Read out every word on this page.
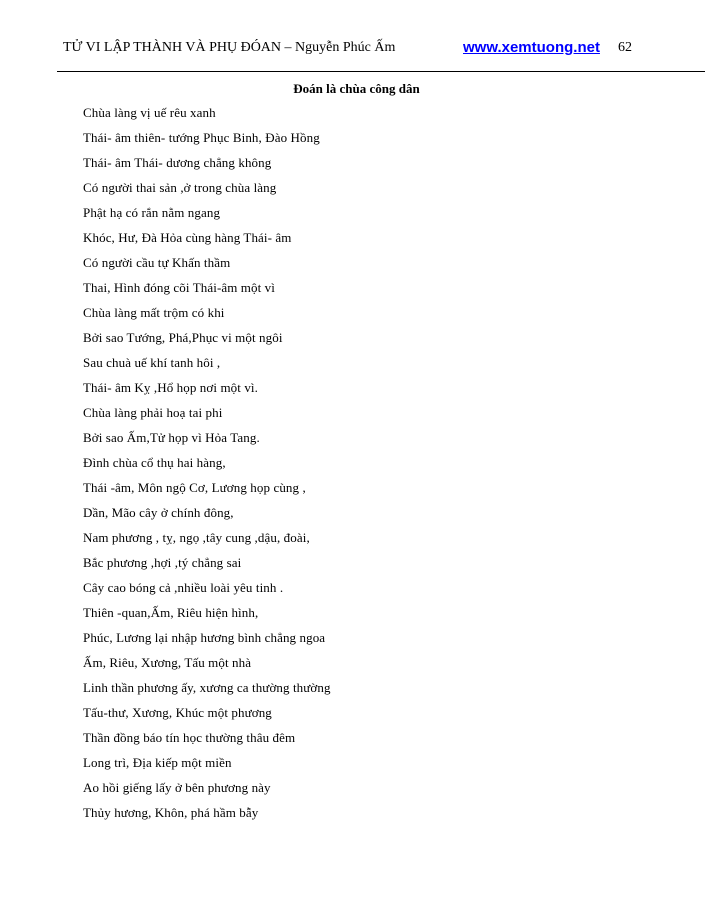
TỬ VI LẬP THÀNH VÀ PHỤ ĐÓAN – Nguyễn Phúc Ấm	www.xemtuong.net 62
Đoán là chùa công dân
Chùa làng vị uế rêu xanh
Thái- âm thiên- tướng Phục Binh, Đào Hồng
Thái- âm Thái- dương chẳng không
Có người thai sản ,ở trong chùa làng
Phật hạ có rắn nằm ngang
Khóc, Hư, Đà Hỏa cùng hàng Thái- âm
Có người cầu tự Khấn thầm
Thai, Hình đóng cõi Thái-âm một vì
Chùa làng mất trộm có khi
Bởi sao Tướng, Phá,Phục vi một ngôi
Sau chuà uế khí tanh hôi ,
Thái- âm Kỵ ,Hổ họp nơi một vì.
Chùa làng phải hoạ tai phi
Bởi sao Ấm,Tử họp vì Hỏa Tang.
Đình chùa cổ thụ hai hàng,
Thái -âm, Môn ngộ Cơ, Lương họp cùng ,
Dần, Mão cây ở chính đông,
Nam phương , tỵ, ngọ ,tây cung ,dậu, đoài,
Bắc phương ,hợi ,tý chẳng sai
Cây cao bóng cả ,nhiều loài yêu tinh .
Thiên -quan,Ấm, Riêu hiện hình,
Phúc, Lương lại nhập hương bình chẳng ngoa
Ấm, Riêu, Xương, Tấu một nhà
Linh thần phương ấy, xương ca thường thường
Tấu-thư, Xương, Khúc một phương
Thần đồng báo tín học thường thâu đêm
Long trì, Địa kiếp một miền
Ao hồi giếng lấy ở bên phương này
Thủy hương, Khôn, phá hầm bẫy
